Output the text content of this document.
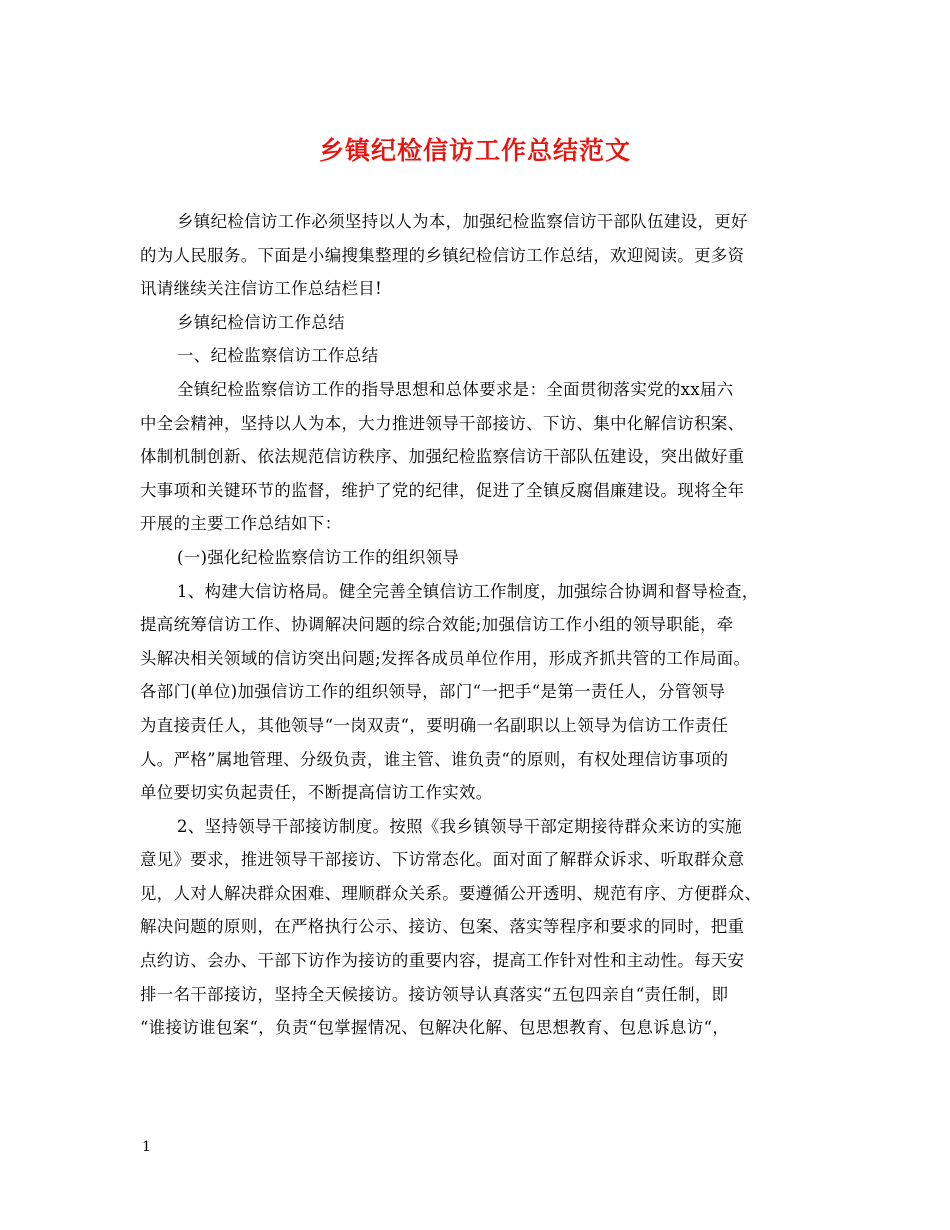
乡镇纪检信访工作总结范文
乡镇纪检信访工作必须坚持以人为本，加强纪检监察信访干部队伍建设，更好
的为人民服务。下面是小编搜集整理的乡镇纪检信访工作总结，欢迎阅读。更多资
讯请继续关注信访工作总结栏目!
乡镇纪检信访工作总结
一、纪检监察信访工作总结
全镇纪检监察信访工作的指导思想和总体要求是：全面贯彻落实党的xx届六
中全会精神，坚持以人为本，大力推进领导干部接访、下访、集中化解信访积案、
体制机制创新、依法规范信访秩序、加强纪检监察信访干部队伍建设，突出做好重
大事项和关键环节的监督，维护了党的纪律，促进了全镇反腐倡廉建设。现将全年
开展的主要工作总结如下：
(一)强化纪检监察信访工作的组织领导
1、构建大信访格局。健全完善全镇信访工作制度，加强综合协调和督导检查，
提高统筹信访工作、协调解决问题的综合效能;加强信访工作小组的领导职能，牵
头解决相关领域的信访突出问题;发挥各成员单位作用，形成齐抓共管的工作局面。
各部门(单位)加强信访工作的组织领导，部门“一把手“是第一责任人，分管领导
为直接责任人，其他领导“一岗双责“，要明确一名副职以上领导为信访工作责任
人。严格”属地管理、分级负责，谁主管、谁负责“的原则，有权处理信访事项的
单位要切实负起责任，不断提高信访工作实效。
2、坚持领导干部接访制度。按照《我乡镇领导干部定期接待群众来访的实施
意见》要求，推进领导干部接访、下访常态化。面对面了解群众诉求、听取群众意
见，人对人解决群众困难、理顺群众关系。要遵循公开透明、规范有序、方便群众、
解决问题的原则，在严格执行公示、接访、包案、落实等程序和要求的同时，把重
点约访、会办、干部下访作为接访的重要内容，提高工作针对性和主动性。每天安
排一名干部接访，坚持全天候接访。接访领导认真落实“五包四亲自“责任制，即
“谁接访谁包案“，负责“包掌握情况、包解决化解、包思想教育、包息诉息访“，
1
